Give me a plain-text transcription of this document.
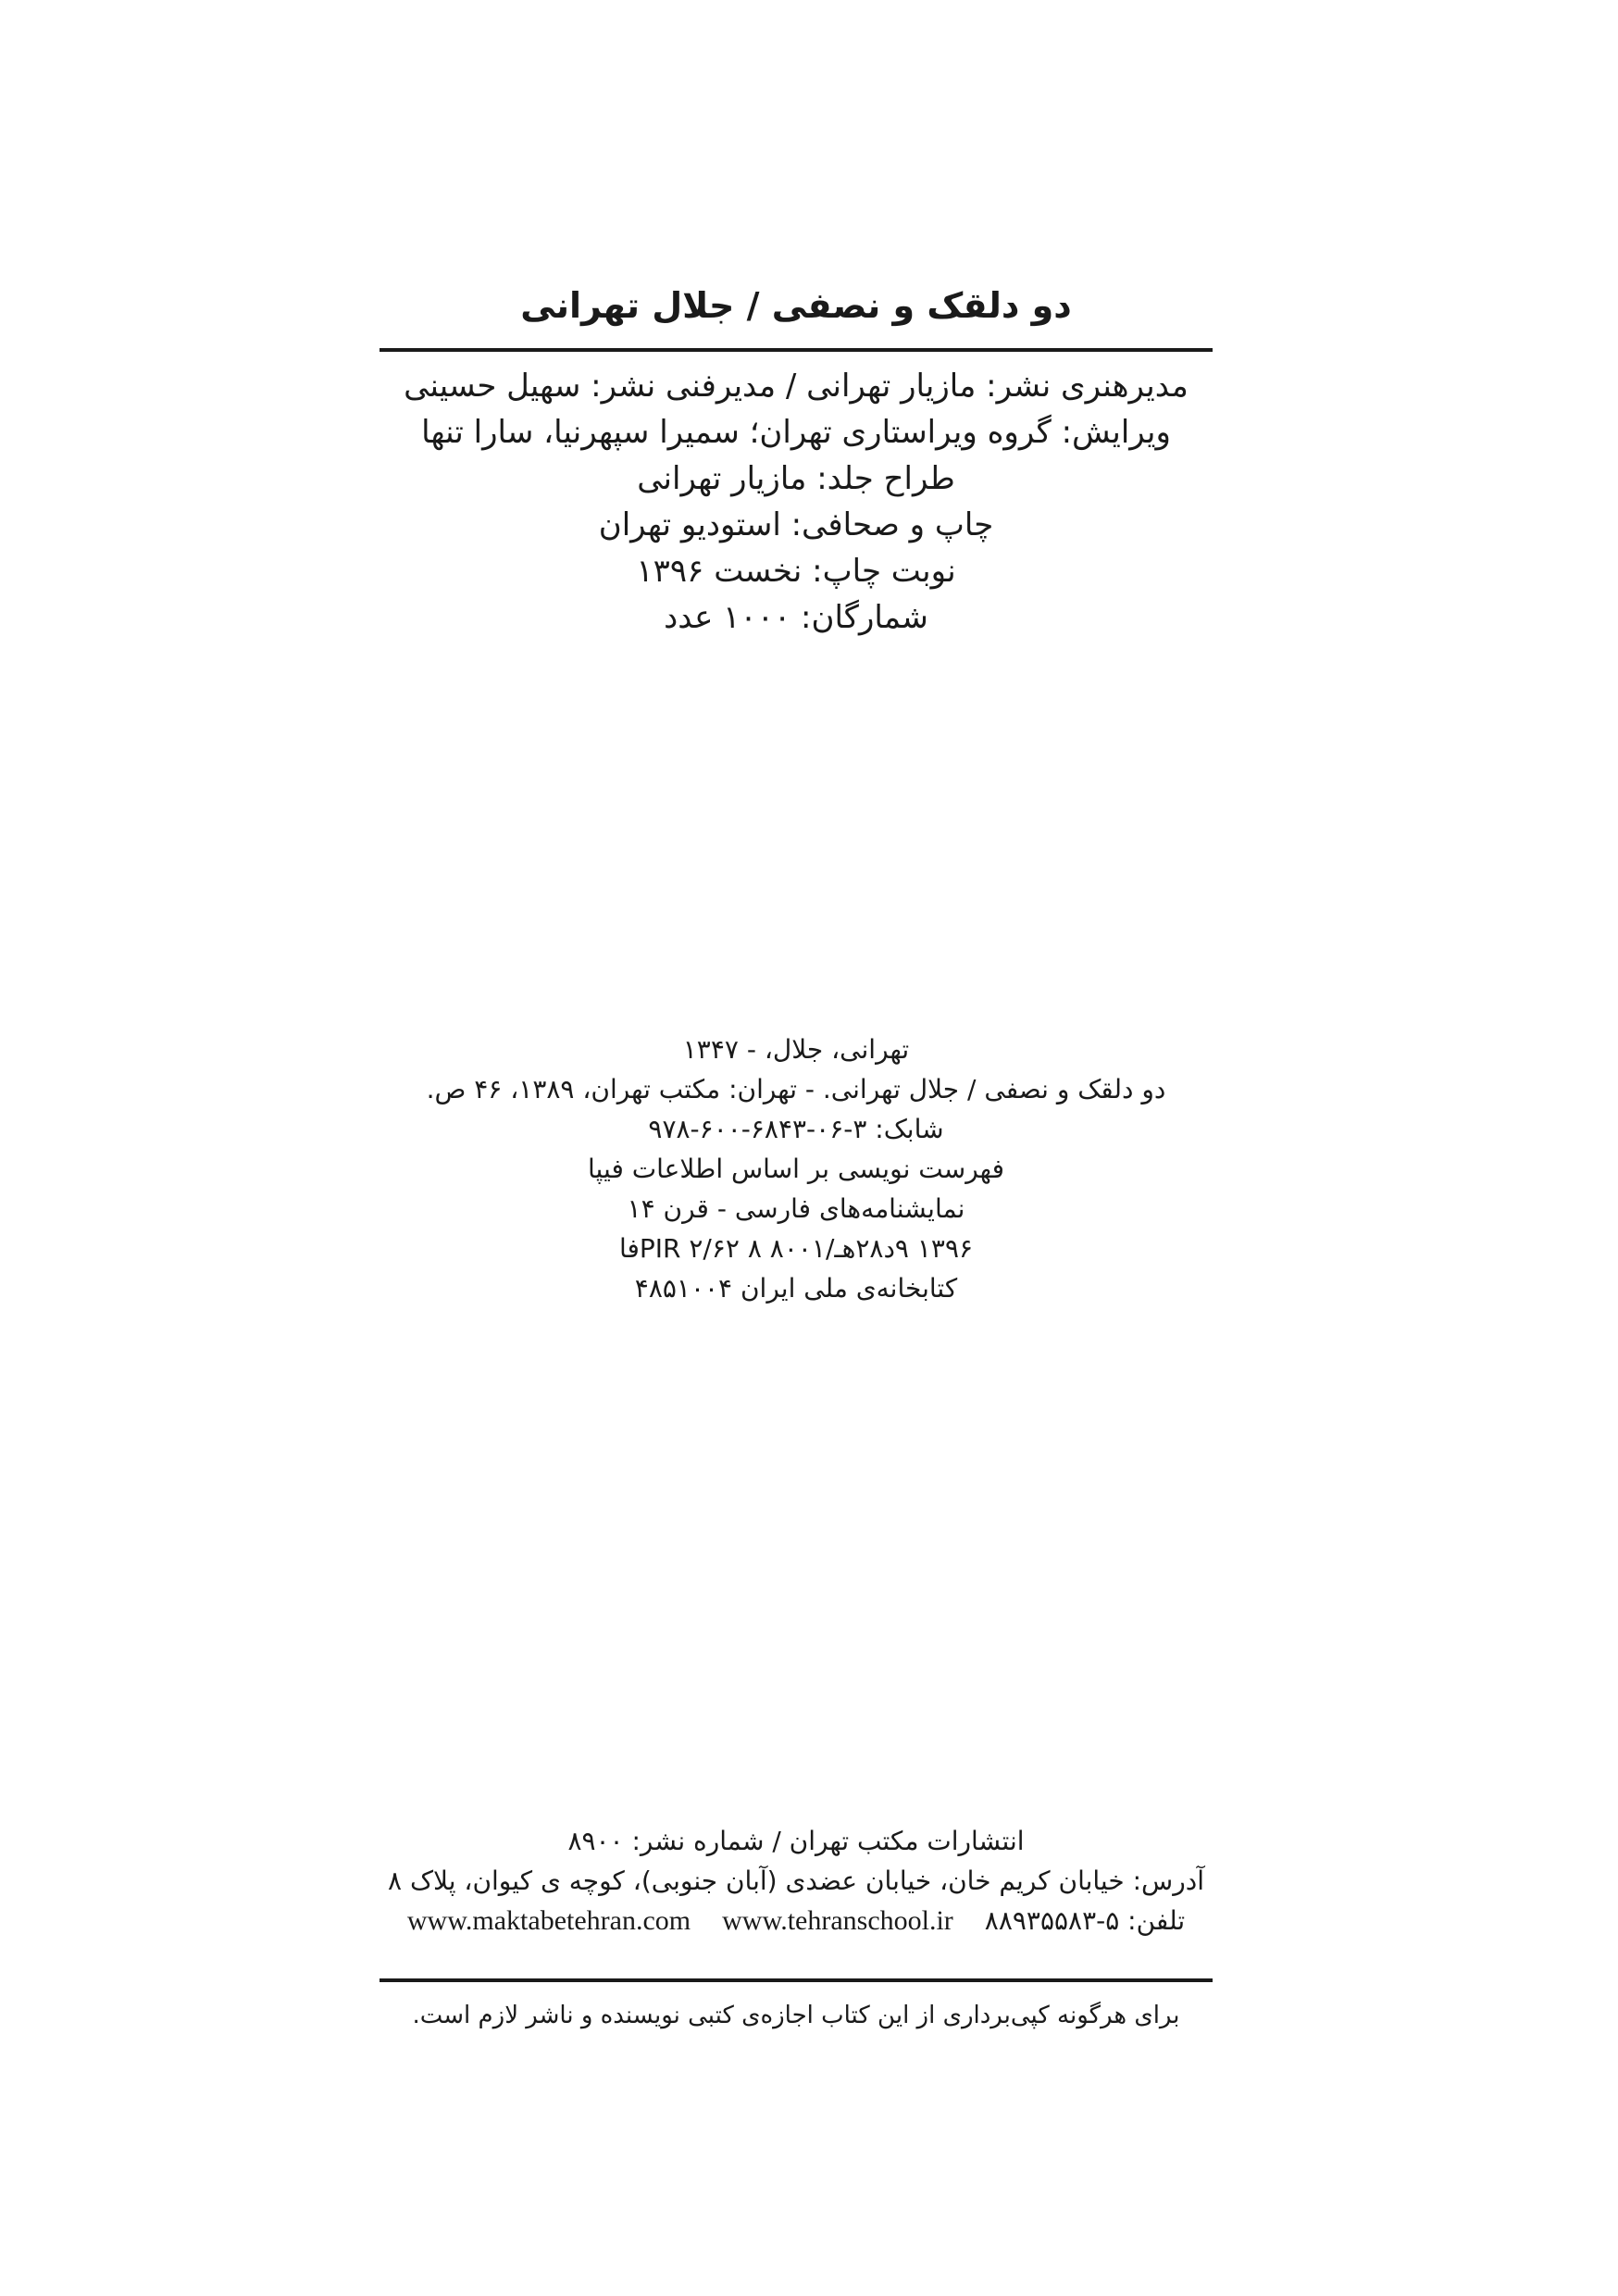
دو دلقک و نصفی / جلال تهرانی
مدیرهنری نشر: مازیار تهرانی / مدیرفنی نشر: سهیل حسینی
ویرایش: گروه ویراستاری تهران؛ سمیرا سپهرنیا، سارا تنها
طراح جلد: مازیار تهرانی
چاپ و صحافی: استودیو تهران
نوبت چاپ: نخست ۱۳۹۶
شمارگان: ۱۰۰۰ عدد
تهرانی، جلال، - ۱۳۴۷
دو دلقک و نصفی / جلال تهرانی. - تهران: مکتب تهران، ۱۳۸۹، ۴۶ ص.
شابک: ۳-۰۶-۶۸۴۳-۶۰۰-۹۷۸
فهرست نویسی بر اساس اطلاعات فیپا
نمایشنامه‌های فارسی - قرن ۱۴
۱۳۹۶ ۹د۲۸هـ/۸۰۰۱ PIR ۲/۶۲ ۸فا
کتابخانه‌ی ملی ایران ۴۸۵۱۰۰۴
انتشارات مکتب تهران / شماره نشر: ۸۹۰۰
آدرس: خیابان کریم خان، خیابان عضدی (آبان جنوبی)، کوچه ی کیوان، پلاک ۸
تلفن: ۵-۸۸۹۳۵۵۸۳
www.tehranschool.ir
www.maktabetehran.com
برای هرگونه کپی‌برداری از این کتاب اجازه‌ی کتبی نویسنده و ناشر لازم است.
